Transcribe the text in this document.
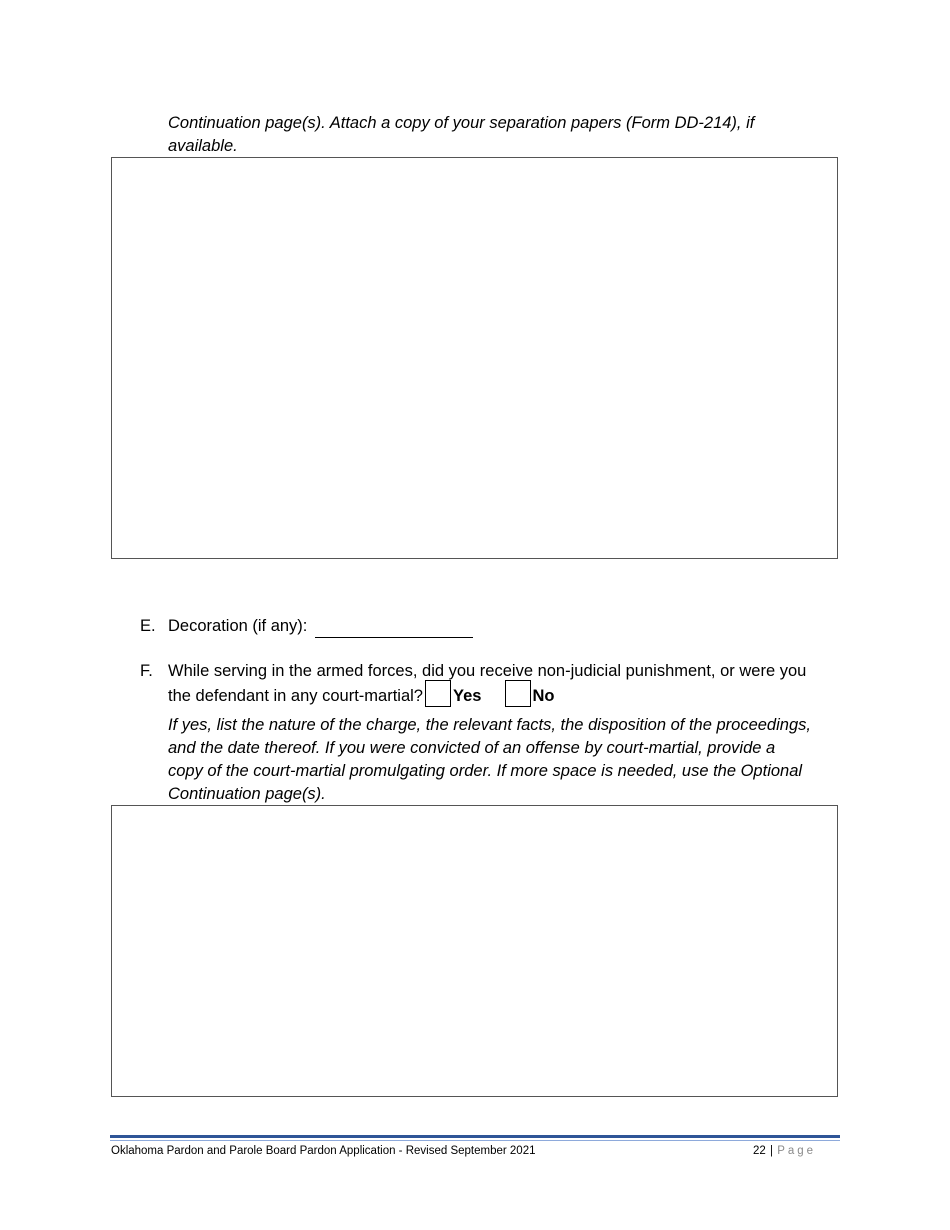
Continuation page(s). Attach a copy of your separation papers (Form DD-214), if
available.
E. Decoration (if any):
F. While serving in the armed forces, did you receive non-judicial punishment, or were you
the defendant in any court-martial? Yes	No
If yes, list the nature of the charge, the relevant facts, the disposition of the proceedings,
and the date thereof. If you were convicted of an offense by court-martial, provide a
copy of the court-martial promulgating order. If more space is needed, use the Optional
Continuation page(s).
Oklahoma Pardon and Parole Board Pardon Application - Revised September 2021	22 | Page
